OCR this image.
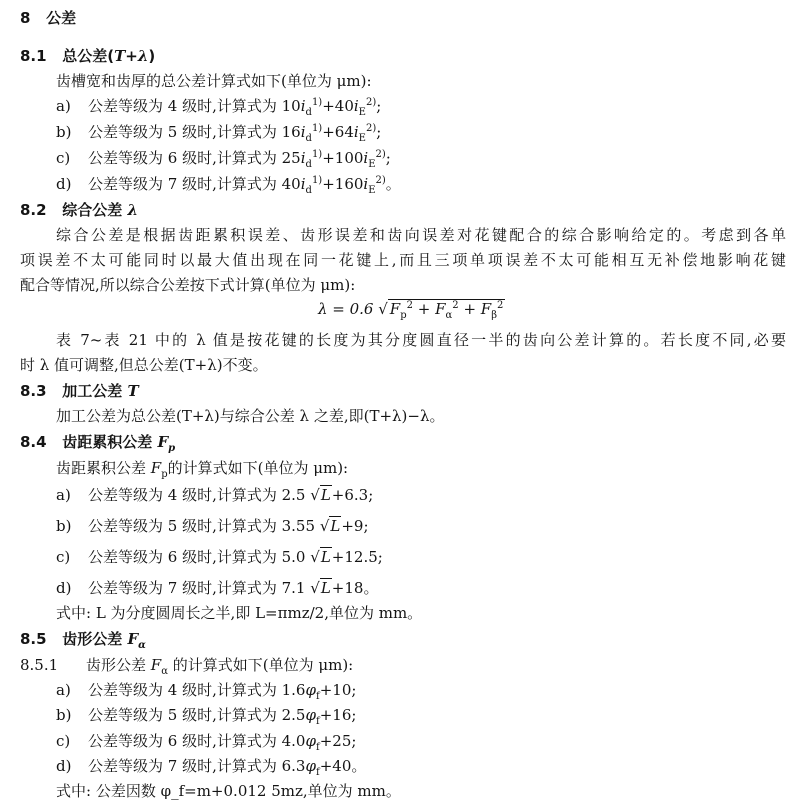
8 公差
8.1 总公差(T+λ)
齿槽宽和齿厚的总公差计算式如下(单位为 μm):
a) 公差等级为 4 级时,计算式为 $10i_d^{1)}+40i_E^{2)}$;
b) 公差等级为 5 级时,计算式为 $16i_d^{1)}+64i_E^{2)}$;
c) 公差等级为 6 级时,计算式为 $25i_d^{1)}+100i_E^{2)}$;
d) 公差等级为 7 级时,计算式为 $40i_d^{1)}+160i_E^{2)}$。
8.2 综合公差 λ
综合公差是根据齿距累积误差、齿形误差和齿向误差对花键配合的综合影响给定的。考虑到各单
项误差不太可能同时以最大值出现在同一花键上,而且三项单项误差不太可能相互无补偿地影响花键
配合等情况,所以综合公差按下式计算(单位为 μm):
λ = 0.6 √ $F_p^2 + F_\alpha^2 + F_\beta^2$
表 7~表 21 中的 λ 值是按花键的长度为其分度圆直径一半的齿向公差计算的。若长度不同,必要
时 λ 值可调整,但总公差(T+λ)不变。
8.3 加工公差 T
加工公差为总公差(T+λ)与综合公差 λ 之差,即(T+λ)−λ。
8.4 齿距累积公差 $F_p$
齿距累积公差 $F_p$的计算式如下(单位为 μm):
a) 公差等级为 4 级时,计算式为 2.5 √L+6.3;
b) 公差等级为 5 级时,计算式为 3.55 √L+9;
c) 公差等级为 6 级时,计算式为 5.0 √L+12.5;
d) 公差等级为 7 级时,计算式为 7.1 √L+18。
式中: L 为分度圆周长之半,即 L=πmz/2,单位为 mm。
8.5 齿形公差 $F_\alpha$
8.5.1 齿形公差 $F_\alpha$ 的计算式如下(单位为 μm):
a) 公差等级为 4 级时,计算式为 $1.6\varphi_f+10$;
b) 公差等级为 5 级时,计算式为 $2.5\varphi_f+16$;
c) 公差等级为 6 级时,计算式为 $4.0\varphi_f+25$;
d) 公差等级为 7 级时,计算式为 $6.3\varphi_f+40$。
式中: 公差因数 φ_f=m+0.012 5mz,单位为 mm。
